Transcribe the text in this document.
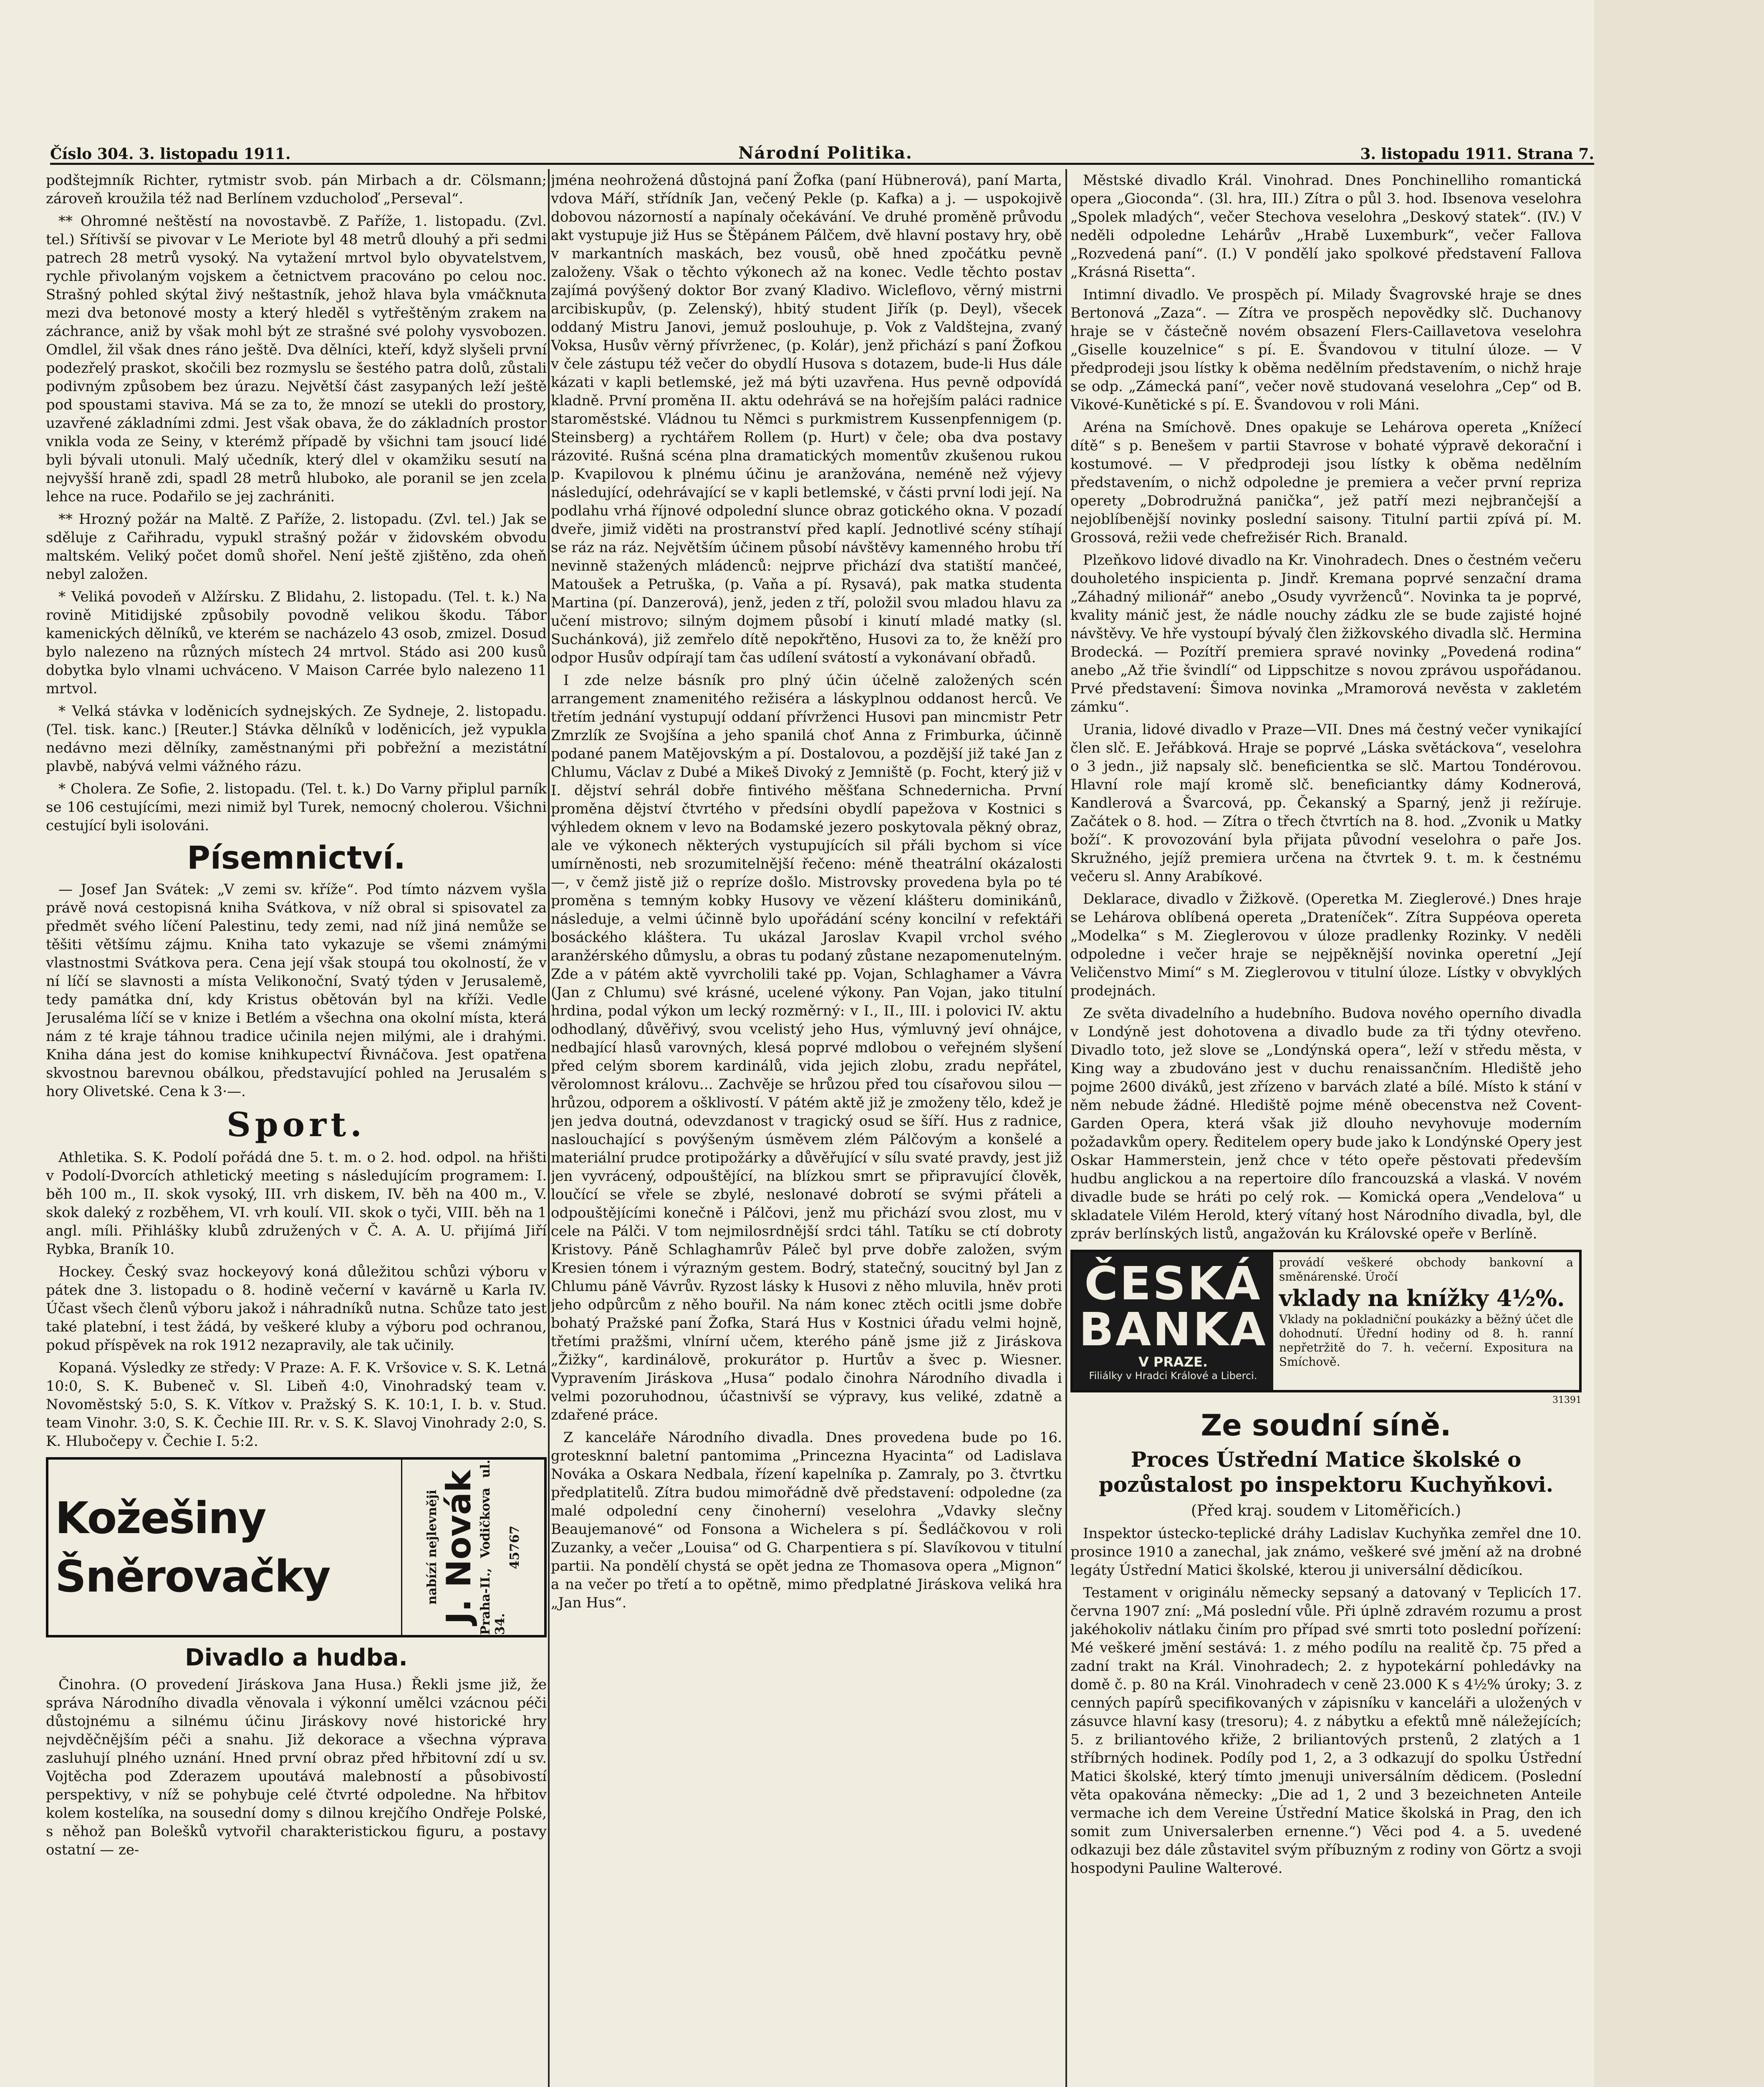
Číslo 304. 3. listopadu 1911.	Národní Politika.	3. listopadu 1911. Strana 7.

podštejmník Richter, rytmistr svob. pán Mirbach a dr. Cölsmann; zároveň kroužila též nad Berlínem vzducholoď „Perseval“.

** Ohromné neštěstí na novostavbě. Z Paříže, 1. listopadu. (Zvl. tel.) Sřítivší se pivovar v Le Meriote byl 48 metrů dlouhý a při sedmi patrech 28 metrů vysoký. Na vytažení mrtvol bylo obyvatelstvem, rychle přivolaným vojskem a četnictvem pracováno po celou noc. Strašný pohled skýtal živý neštastník, jehož hlava byla vmáčknuta mezi dva betonové mosty a který hleděl s vytřeštěným zrakem na záchrance, aniž by však mohl být ze strašné své polohy vysvobozen. Omdlel, žil však dnes ráno ještě. Dva dělníci, kteří, když slyšeli první podezřelý praskot, skočili bez rozmyslu se šestého patra dolů, zůstali podivným způsobem bez úrazu. Největší část zasypaných leží ještě pod spoustami staviva. Má se za to, že mnozí se utekli do prostory, uzavřené základními zdmi. Jest však obava, že do základních prostor vnikla voda ze Seiny, v kterémž případě by všichni tam jsoucí lidé byli bývali utonuli. Malý učedník, který dlel v okamžiku sesutí na nejvyšší hraně zdi, spadl 28 metrů hluboko, ale poranil se jen zcela lehce na ruce. Podařilo se jej zachrániti.

** Hrozný požár na Maltě. Z Paříže, 2. listopadu. (Zvl. tel.) Jak se sděluje z Cařihradu, vypukl strašný požár v židovském obvodu maltském. Veliký počet domů shořel. Není ještě zjištěno, zda oheň nebyl založen.

* Veliká povodeň v Alžírsku. Z Blidahu, 2. listopadu. (Tel. t. k.) Na rovině Mitidijské způsobily povodně velikou škodu. Tábor kamenických dělníků, ve kterém se nacházelo 43 osob, zmizel. Dosud bylo nalezeno na různých místech 24 mrtvol. Stádo asi 200 kusů dobytka bylo vlnami uchváceno. V Maison Carrée bylo nalezeno 11 mrtvol.

* Velká stávka v loděnicích sydnejských. Ze Sydneje, 2. listopadu. (Tel. tisk. kanc.) [Reuter.] Stávka dělníků v loděnicích, jež vypukla nedávno mezi dělníky, zaměstnanými při pobřežní a mezistátní plavbě, nabývá velmi vážného rázu.

* Cholera. Ze Sofie, 2. listopadu. (Tel. t. k.) Do Varny připlul parník se 106 cestujícími, mezi nimiž byl Turek, nemocný cholerou. Všichni cestující byli isolováni.

Písemnictví.

— Josef Jan Svátek: „V zemi sv. kříže“. Pod tímto názvem vyšla právě nová cestopisná kniha Svátkova, v níž obral si spisovatel za předmět svého líčení Palestinu, tedy zemi, nad níž jiná nemůže se těšiti většímu zájmu. Kniha tato vykazuje se všemi známými vlastnostmi Svátkova pera. Cena její však stoupá tou okolností, že v ní líčí se slavnosti a místa Velikonoční, Svatý týden v Jerusalemě, tedy památka dní, kdy Kristus obětován byl na kříži. Vedle Jerusaléma líčí se v knize i Betlém a všechna ona okolní místa, která nám z té kraje táhnou tradice učinila nejen milými, ale i drahými. Kniha dána jest do komise knihkupectví Řivnáčova. Jest opatřena skvostnou barevnou obálkou, představující pohled na Jerusalém s hory Olivetské. Cena k 3·—.

Sport.

Athletika. S. K. Podolí pořádá dne 5. t. m. o 2. hod. odpol. na hřišti v Podolí-Dvorcích athletický meeting s následujícím programem: I. běh 100 m., II. skok vysoký, III. vrh diskem, IV. běh na 400 m., V. skok daleký z rozběhem, VI. vrh koulí. VII. skok o tyči, VIII. běh na 1 angl. míli. Přihlášky klubů združených v Č. A. A. U. přijímá Jiří Rybka, Braník 10.

Hockey. Český svaz hockeyový koná důležitou schůzi výboru v pátek dne 3. listopadu o 8. hodině večerní v kavárně u Karla IV. Účast všech členů výboru jakož i náhradníků nutna. Schůze tato jest také platební, i test žádá, by veškeré kluby a výboru pod ochranou, pokud příspěvek na rok 1912 nezapravily, ale tak učinily.

Kopaná. Výsledky ze středy: V Praze: A. F. K. Vršovice v. S. K. Letná 10:0, S. K. Bubeneč v. Sl. Libeň 4:0, Vinohradský team v. Novoměstský 5:0, S. K. Vítkov v. Pražský S. K. 10:1, I. b. v. Stud. team Vinohr. 3:0, S. K. Čechie III. Rr. v. S. K. Slavoj Vinohrady 2:0, S. K. Hlubočepy v. Čechie I. 5:2.

Kožešiny
Šněrovačky	nabízí nejlevněji J. Novák Praha-II., Vodičkova ul. 34.
45767
Divadlo a hudba.

Činohra. (O provedení Jiráskova Jana Husa.) Řekli jsme již, že správa Národního divadla věnovala i výkonní umělci vzácnou péči důstojnému a silnému účinu Jiráskovy nové historické hry nejvděčnějším péči a snahu. Již dekorace a všechna výprava zasluhují plného uznání. Hned první obraz před hřbitovní zdí u sv. Vojtěcha pod Zderazem upoutává malebností a působivostí perspektivy, v níž se pohybuje celé čtvrté odpoledne. Na hřbitov kolem kostelíka, na sousední domy s dilnou krejčího Ondřeje Polské, s něhož pan Bolešků vytvořil charakteristickou figuru, a postavy ostatní — ze-

jména neohrožená důstojná paní Žofka (paní Hübnerová), paní Marta, vdova Máří, střídník Jan, večený Pekle (p. Kafka) a j. — uspokojivě dobovou názorností a napínaly očekávání. Ve druhé proměně průvodu akt vystupuje již Hus se Štěpánem Pálčem, dvě hlavní postavy hry, obě v markantních maskách, bez vousů, obě hned zpočátku pevně založeny. Však o těchto výkonech až na konec. Vedle těchto postav zajímá povýšený doktor Bor zvaný Kladivo. Wicleflovo, věrný mistrni arcibiskupův, (p. Zelenský), hbitý student Jiřík (p. Deyl), všecek oddaný Mistru Janovi, jemuž poslouhuje, p. Vok z Valdštejna, zvaný Voksa, Husův věrný přívrženec, (p. Kolár), jenž přichází s paní Žofkou v čele zástupu též večer do obydlí Husova s dotazem, bude-li Hus dále kázati v kapli betlemské, jež má býti uzavřena. Hus pevně odpovídá kladně. První proměna II. aktu odehrává se na hořejším paláci radnice staroměstské. Vládnou tu Němci s purkmistrem Kussenpfennigem (p. Steinsberg) a rychtářem Rollem (p. Hurt) v čele; oba dva postavy rázovité. Rušná scéna plna dramatických momentův zkušenou rukou p. Kvapilovou k plnému účinu je aranžována, neméně než výjevy následující, odehrávající se v kapli betlemské, v části první lodi její. Na podlahu vrhá říjnové odpolední slunce obraz gotického okna. V pozadí dveře, jimiž viděti na prostranství před kaplí. Jednotlivé scény stíhají se ráz na ráz. Největším účinem působí návštěvy kamenného hrobu tří nevinně stažených mládenců: nejprve přichází dva statiští mančeé, Matoušek a Petruška, (p. Vaňa a pí. Rysavá), pak matka studenta Martina (pí. Danzerová), jenž, jeden z tří, položil svou mladou hlavu za učení mistrovo; silným dojmem působí i kinutí mladé matky (sl. Suchánková), již zemřelo dítě nepokřtěno, Husovi za to, že kněží pro odpor Husův odpírají tam čas udílení svátostí a vykonávaní obřadů.

I zde nelze básník pro plný účin účelně založených scén arrangement znamenitého režiséra a láskyplnou oddanost herců. Ve třetím jednání vystupují oddaní přívrženci Husovi pan mincmistr Petr Zmrzlík ze Svojšína a jeho spanilá choť Anna z Frimburka, účinně podané panem Matějovským a pí. Dostalovou, a pozdější již také Jan z Chlumu, Václav z Dubé a Mikeš Divoký z Jemniště (p. Focht, který již v I. dějství sehrál dobře fintivého měšťana Schnedernicha. První proměna dějství čtvrtého v předsíni obydlí papežova v Kostnici s výhledem oknem v levo na Bodamské jezero poskytovala pěkný obraz, ale ve výkonech některých vystupujících sil přáli bychom si více umírněnosti, neb srozumitelnější řečeno: méně theatrální okázalosti —, v čemž jistě již o repríze došlo. Mistrovsky provedena byla po té proměna s temným kobky Husovy ve vězení klášteru dominikánů, následuje, a velmi účinně bylo upořádání scény koncilní v refektáři bosáckého kláštera. Tu ukázal Jaroslav Kvapil vrchol svého aranžérského důmyslu, a obras tu podaný zůstane nezapomenutelným. Zde a v pátém aktě vyvrcholili také pp. Vojan, Schlaghamer a Vávra (Jan z Chlumu) své krásné, ucelené výkony. Pan Vojan, jako titulní hrdina, podal výkon um lecký rozměrný: v I., II., III. i polovici IV. aktu odhodlaný, důvěřivý, svou vcelistý jeho Hus, výmluvný jeví ohnájce, nedbající hlasů varovných, klesá poprvé mdlobou o veřejném slyšení před celým sborem kardinálů, vida jejich zlobu, zradu nepřátel, věrolomnost královu... Zachvěje se hrůzou před tou císařovou silou — hrůzou, odporem a ošklivostí. V pátém aktě již je zmoženy tělo, kdež je jen jedva doutná, odevzdanost v tragický osud se šíří. Hus z radnice, naslouchající s povýšeným úsměvem zlém Pálčovým a konšelé a materiální prudce protipožárky a důvěřující v sílu svaté pravdy, jest již jen vyvrácený, odpouštějící, na blízkou smrt se připravující člověk, loučící se vřele se zbylé, neslonavé dobrotí se svými přáteli a odpouštějícími konečně i Pálčovi, jenž mu přichází svou zlost, mu v cele na Pálči. V tom nejmilosrdnější srdci táhl. Tatíku se ctí dobroty Kristovy. Páně Schlaghamrův Páleč byl prve dobře založen, svým Kresien tónem i výrazným gestem. Bodrý, statečný, soucitný byl Jan z Chlumu páně Vávrův. Ryzost lásky k Husovi z něho mluvila, hněv proti jeho odpůrcům z něho bouřil. Na nám konec ztěch ocitli jsme dobře bohatý Pražské paní Žofka, Stará Hus v Kostnici úřadu velmi hojně, třetími pražšmi, vlnírní učem, kterého páně jsme již z Jiráskova „Žižky“, kardinálově, prokurátor p. Hurtův a švec p. Wiesner. Vypravením Jiráskova „Husa“ podalo činohra Národního divadla i velmi pozoruhodnou, účastnivší se výpravy, kus veliké, zdatně a zdařené práce.

Z kanceláře Národního divadla. Dnes provedena bude po 16. grotesknní baletní pantomima „Princezna Hyacinta“ od Ladislava Nováka a Oskara Nedbala, řízení kapelníka p. Zamraly, po 3. čtvrtku předplatitelů. Zítra budou mimořádně dvě představení: odpoledne (za malé odpolední ceny činoherní) veselohra „Vdavky slečny Beaujemanové“ od Fonsona a Wichelera s pí. Šedláčkovou v roli Zuzanky, a večer „Louisa“ od G. Charpentiera s pí. Slavíkovou v titulní partii. Na pondělí chystá se opět jedna ze Thomasova opera „Mignon“ a na večer po třetí a to opětně, mimo předplatné Jiráskova veliká hra „Jan Hus“.

Městské divadlo Král. Vinohrad. Dnes Ponchinelliho romantická opera „Gioconda“. (3l. hra, III.) Zítra o půl 3. hod. Ibsenova veselohra „Spolek mladých“, večer Stechova veselohra „Deskový statek“. (IV.) V neděli odpoledne Lehárův „Hrabě Luxemburk“, večer Fallova „Rozvedená paní“. (I.) V pondělí jako spolkové představení Fallova „Krásná Risetta“.

Intimní divadlo. Ve prospěch pí. Milady Švagrovské hraje se dnes Bertonová „Zaza“. — Zítra ve prospěch nepovědky slč. Duchanovy hraje se v částečně novém obsazení Flers-Caillavetova veselohra „Giselle kouzelnice“ s pí. E. Švandovou v titulní úloze. — V předprodeji jsou lístky k oběma nedělním představením, o nichž hraje se odp. „Zámecká paní“, večer nově studovaná veselohra „Cep“ od B. Vikové-Kunětické s pí. E. Švandovou v roli Máni.

Aréna na Smíchově. Dnes opakuje se Lehárova opereta „Knížecí dítě“ s p. Benešem v partii Stavrose v bohaté výpravě dekorační i kostumové. — V předprodeji jsou lístky k oběma nedělním představením, o nichž odpoledne je premiera a večer první repriza operety „Dobrodružná panička“, jež patří mezi nejbrančejší a nejoblíbenější novinky poslední saisony. Titulní partii zpívá pí. M. Grossová, režii vede chefrežisér Rich. Branald.

Plzeňkovo lidové divadlo na Kr. Vinohradech. Dnes o čestném večeru douholetého inspicienta p. Jindř. Kremana poprvé senzační drama „Záhadný milionář“ anebo „Osudy vyvrženců“. Novinka ta je poprvé, kvality mánič jest, že nádle nouchy zádku zle se bude zajisté hojné návštěvy. Ve hře vystoupí bývalý člen žižkovského divadla slč. Hermina Brodecká. — Pozítří premiera spravé novinky „Povedená rodina“ anebo „Až třie švindlí“ od Lippschitze s novou zprávou uspořádanou. Prvé představení: Šimova novinka „Mramorová nevěsta v zakletém zámku“.

Urania, lidové divadlo v Praze—VII. Dnes má čestný večer vynikající člen slč. E. Jeřábková. Hraje se poprvé „Láska světáckova“, veselohra o 3 jedn., již napsaly slč. beneficientka se slč. Martou Tondérovou. Hlavní role mají kromě slč. beneficiantky dámy Kodnerová, Kandlerová a Švarcová, pp. Čekanský a Sparný, jenž ji režíruje. Začátek o 8. hod. — Zítra o třech čtvrtích na 8. hod. „Zvonik u Matky boží“. K provozování byla přijata původní veselohra o paře Jos. Skružného, jejíž premiera určena na čtvrtek 9. t. m. k čestnému večeru sl. Anny Arabíkové.

Deklarace, divadlo v Žižkově. (Operetka M. Zieglerové.) Dnes hraje se Lehárova oblíbená opereta „Drateníček“. Zítra Suppéova opereta „Modelka“ s M. Zieglerovou v úloze pradlenky Rozinky. V neděli odpoledne i večer hraje se nejpěknější novinka operetní „Její Veličenstvo Mimí“ s M. Zieglerovou v titulní úloze. Lístky v obvyklých prodejnách.

Ze světa divadelního a hudebního. Budova nového operního divadla v Londýně jest dohotovena a divadlo bude za tři týdny otevřeno. Divadlo toto, jež slove se „Londýnská opera“, leží v středu města, v King way a zbudováno jest v duchu renaissančním. Hlediště jeho pojme 2600 diváků, jest zřízeno v barvách zlaté a bílé. Místo k stání v něm nebude žádné. Hlediště pojme méně obecenstva než Covent-Garden Opera, která však již dlouho nevyhovuje moderním požadavkům opery. Ředitelem opery bude jako k Londýnské Opery jest Oskar Hammerstein, jenž chce v této opeře pěstovati především hudbu anglickou a na repertoire dílo francouzská a vlaská. V novém divadle bude se hráti po celý rok. — Komická opera „Vendelova“ u skladatele Vilém Herold, který vítaný host Národního divadla, byl, dle zpráv berlínských listů, angažován ku Královské opeře v Berlíně.

ČESKÁ
BANKA
V PRAZE.
Filiálky v Hradci Králové a Liberci.
provádí veškeré obchody bankovní a směnárenské. Úročí
vklady na knížky 4½%.
Vklady na pokladniční poukázky a běžný účet dle dohodnutí. Úřední hodiny od 8. h. ranní nepřetržitě do 7. h. večerní. Expositura na Smíchově.
31391
Ze soudní síně.
Proces Ústřední Matice školské o pozůstalost po inspektoru Kuchyňkovi.
(Před kraj. soudem v Litoměřicích.)

Inspektor ústecko-teplické dráhy Ladislav Kuchyňka zemřel dne 10. prosince 1910 a zanechal, jak známo, veškeré své jmění až na drobné legáty Ústřední Matici školské, kterou ji universální dědicíkou.

Testament v originálu německy sepsaný a datovaný v Teplicích 17. června 1907 zní: „Má poslední vůle. Při úplně zdravém rozumu a prost jakéhokoliv nátlaku činím pro případ své smrti toto poslední pořízení: Mé veškeré jmění sestává: 1. z mého podílu na realitě čp. 75 před a zadní trakt na Král. Vinohradech; 2. z hypotekární pohledávky na domě č. p. 80 na Král. Vinohradech v ceně 23.000 K s 4½% úroky; 3. z cenných papírů specifikovaných v zápisníku v kanceláři a uložených v zásuvce hlavní kasy (tresoru); 4. z nábytku a efektů mně náležejících; 5. z briliantového křiže, 2 briliantových prstenů, 2 zlatých a 1 stříbrných hodinek. Podíly pod 1, 2, a 3 odkazují do spolku Ústřední Matici školské, který tímto jmenuji universálním dědicem. (Poslední věta opakována německy: „Die ad 1, 2 und 3 bezeichneten Anteile vermache ich dem Vereine Ústřední Matice školská in Prag, den ich somit zum Universalerben ernenne.“) Věci pod 4. a 5. uvedené odkazuji bez dále zůstavitel svým příbuzným z rodiny von Görtz a svoji hospodyni Pauline Walterové.
